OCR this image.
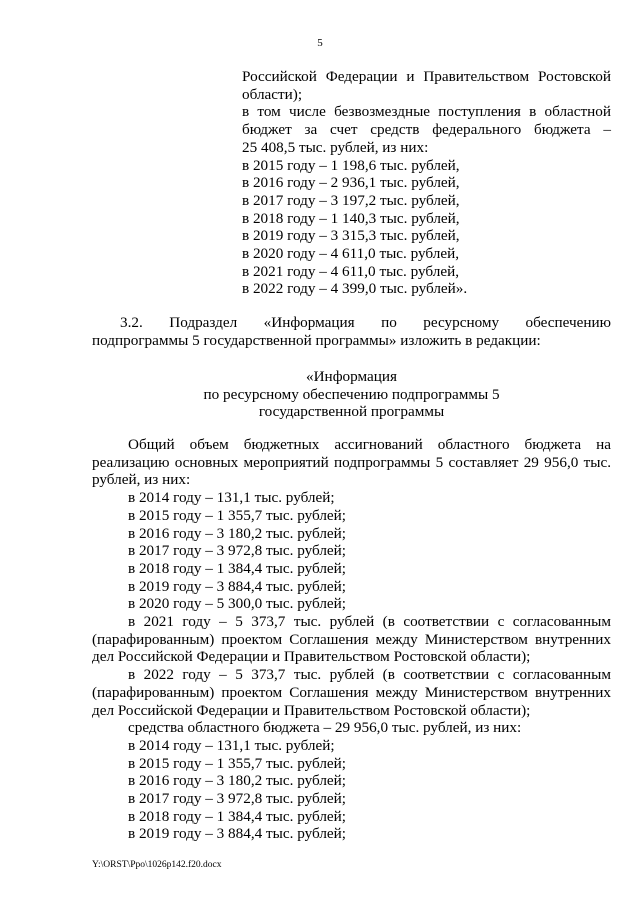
5
Российской Федерации и Правительством Ростовской
области);
в том числе безвозмездные поступления в областной
бюджет за счет средств федерального бюджета –
25 408,5 тыс. рублей, из них:
в 2015 году – 1 198,6 тыс. рублей,
в 2016 году – 2 936,1 тыс. рублей,
в 2017 году – 3 197,2 тыс. рублей,
в 2018 году – 1 140,3 тыс. рублей,
в 2019 году – 3 315,3 тыс. рублей,
в 2020 году – 4 611,0 тыс. рублей,
в 2021 году – 4 611,0 тыс. рублей,
в 2022 году – 4 399,0 тыс. рублей».
3.2. Подраздел «Информация по ресурсному обеспечению
подпрограммы 5 государственной программы» изложить в редакции:
«Информация
по ресурсному обеспечению подпрограммы 5
государственной программы
Общий объем бюджетных ассигнований областного бюджета на
реализацию основных мероприятий подпрограммы 5 составляет 29 956,0 тыс.
рублей, из них:
в 2014 году – 131,1 тыс. рублей;
в 2015 году – 1 355,7 тыс. рублей;
в 2016 году – 3 180,2 тыс. рублей;
в 2017 году – 3 972,8 тыс. рублей;
в 2018 году – 1 384,4 тыс. рублей;
в 2019 году – 3 884,4 тыс. рублей;
в 2020 году – 5 300,0 тыс. рублей;
в 2021 году – 5 373,7 тыс. рублей (в соответствии с согласованным
(парафированным) проектом Соглашения между Министерством внутренних
дел Российской Федерации и Правительством Ростовской области);
в 2022 году – 5 373,7 тыс. рублей (в соответствии с согласованным
(парафированным) проектом Соглашения между Министерством внутренних
дел Российской Федерации и Правительством Ростовской области);
средства областного бюджета – 29 956,0 тыс. рублей, из них:
в 2014 году – 131,1 тыс. рублей;
в 2015 году – 1 355,7 тыс. рублей;
в 2016 году – 3 180,2 тыс. рублей;
в 2017 году – 3 972,8 тыс. рублей;
в 2018 году – 1 384,4 тыс. рублей;
в 2019 году – 3 884,4 тыс. рублей;
Y:\ORST\Ppo\1026p142.f20.docx
